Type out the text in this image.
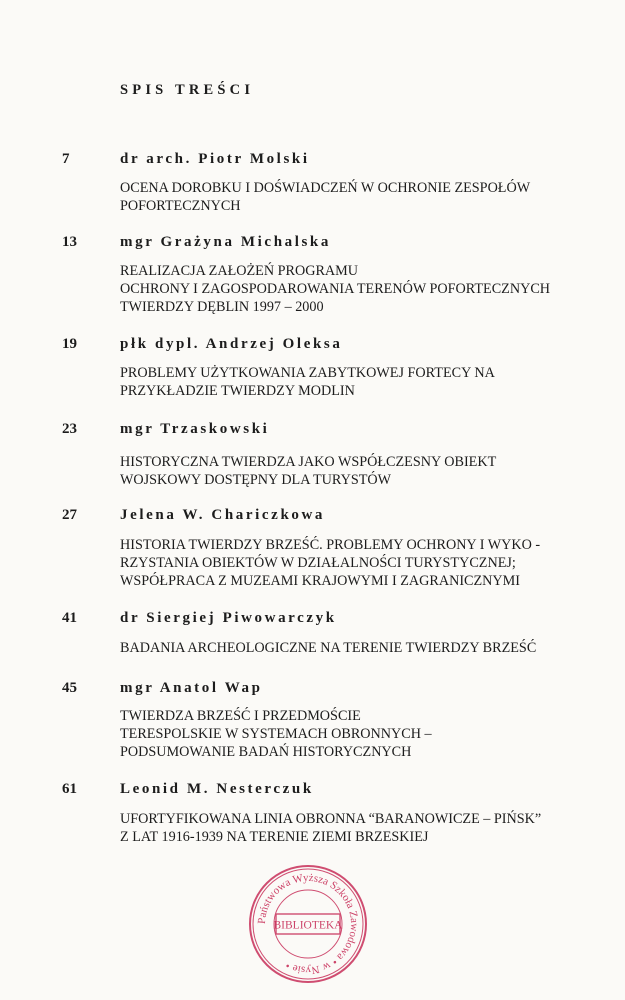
SPIS TREŚCI
7	dr arch. Piotr Molski
OCENA DOROBKU I DOŚWIADCZEŃ W OCHRONIE ZESPOŁÓW
POFORTECZNYCH
13	mgr Grażyna Michalska
REALIZACJA ZAŁOŻEŃ PROGRAMU
OCHRONY I ZAGOSPODAROWANIA TERENÓW POFORTECZNYCH
TWIERDZY DĘBLIN 1997 – 2000
19	płk dypl. Andrzej Oleksa
PROBLEMY UŻYTKOWANIA ZABYTKOWEJ FORTECY NA
PRZYKŁADZIE TWIERDZY MODLIN
23	mgr Trzaskowski
HISTORYCZNA TWIERDZA JAKO WSPÓŁCZESNY OBIEKT
WOJSKOWY DOSTĘPNY DLA TURYSTÓW
27	Jelena W. Chariczkowa
HISTORIA TWIERDZY BRZEŚĆ. PROBLEMY OCHRONY I WYKO -
RZYSTANIA OBIEKTÓW W DZIAŁALNOŚCI TURYSTYCZNEJ;
WSPÓŁPRACA Z MUZEAMI KRAJOWYMI I ZAGRANICZNYMI
41	dr Siergiej Piwowarczyk
BADANIA ARCHEOLOGICZNE NA TERENIE TWIERDZY BRZEŚĆ
45	mgr Anatol Wap
TWIERDZA BRZEŚĆ I PRZEDMOŚCIE
TERESPOLSKIE W SYSTEMACH OBRONNYCH –
PODSUMOWANIE BADAŃ HISTORYCZNYCH
61	Leonid M. Nesterczuk
UFORTYFIKOWANA LINIA OBRONNA “BARANOWICZE – PIŃSK”
Z LAT 1916-1939 NA TERENIE ZIEMI BRZESKIEJ
Państwowa Wyższa Szkoła Zawodowa • w Nysie •
BIBLIOTEKA
